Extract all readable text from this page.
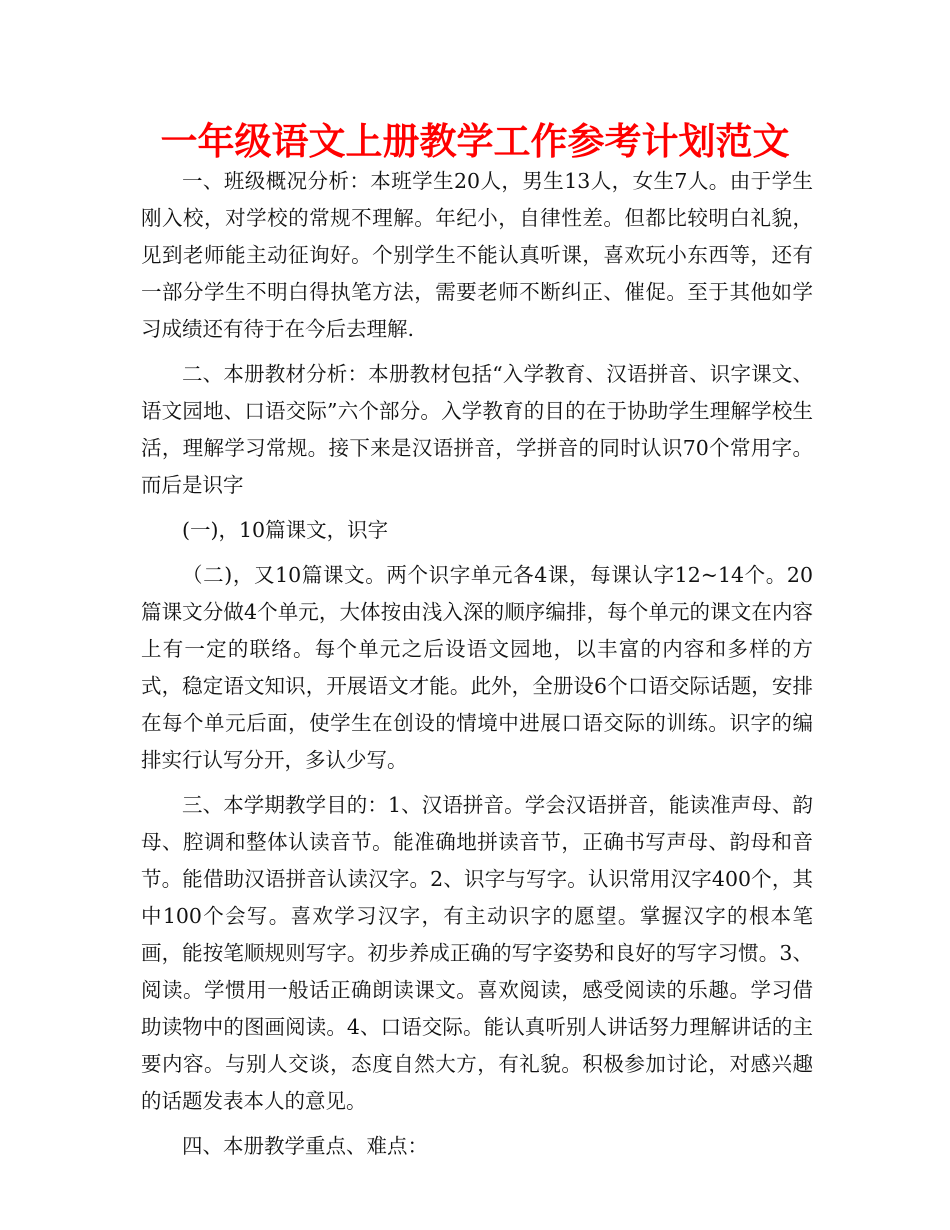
一年级语文上册教学工作参考计划范文

一、班级概况分析：本班学生20人，男生13人，女生7人。由于学生刚入校，对学校的常规不理解。年纪小，自律性差。但都比较明白礼貌，见到老师能主动征询好。个别学生不能认真听课，喜欢玩小东西等，还有一部分学生不明白得执笔方法，需要老师不断纠正、催促。至于其他如学习成绩还有待于在今后去理解.

二、本册教材分析：本册教材包括“入学教育、汉语拼音、识字课文、语文园地、口语交际”六个部分。入学教育的目的在于协助学生理解学校生活，理解学习常规。接下来是汉语拼音，学拼音的同时认识70个常用字。而后是识字

(一)，10篇课文，识字

（二)，又10篇课文。两个识字单元各4课，每课认字12~14个。20篇课文分做4个单元，大体按由浅入深的顺序编排，每个单元的课文在内容上有一定的联络。每个单元之后设语文园地，以丰富的内容和多样的方式，稳定语文知识，开展语文才能。此外，全册设6个口语交际话题，安排在每个单元后面，使学生在创设的情境中进展口语交际的训练。识字的编排实行认写分开，多认少写。

三、本学期教学目的：1、汉语拼音。学会汉语拼音，能读准声母、韵母、腔调和整体认读音节。能准确地拼读音节，正确书写声母、韵母和音节。能借助汉语拼音认读汉字。2、识字与写字。认识常用汉字400个，其中100个会写。喜欢学习汉字，有主动识字的愿望。掌握汉字的根本笔画，能按笔顺规则写字。初步养成正确的写字姿势和良好的写字习惯。3、阅读。学惯用一般话正确朗读课文。喜欢阅读，感受阅读的乐趣。学习借助读物中的图画阅读。4、口语交际。能认真听别人讲话努力理解讲话的主要内容。与别人交谈，态度自然大方，有礼貌。积极参加讨论，对感兴趣的话题发表本人的意见。

四、本册教学重点、难点：
